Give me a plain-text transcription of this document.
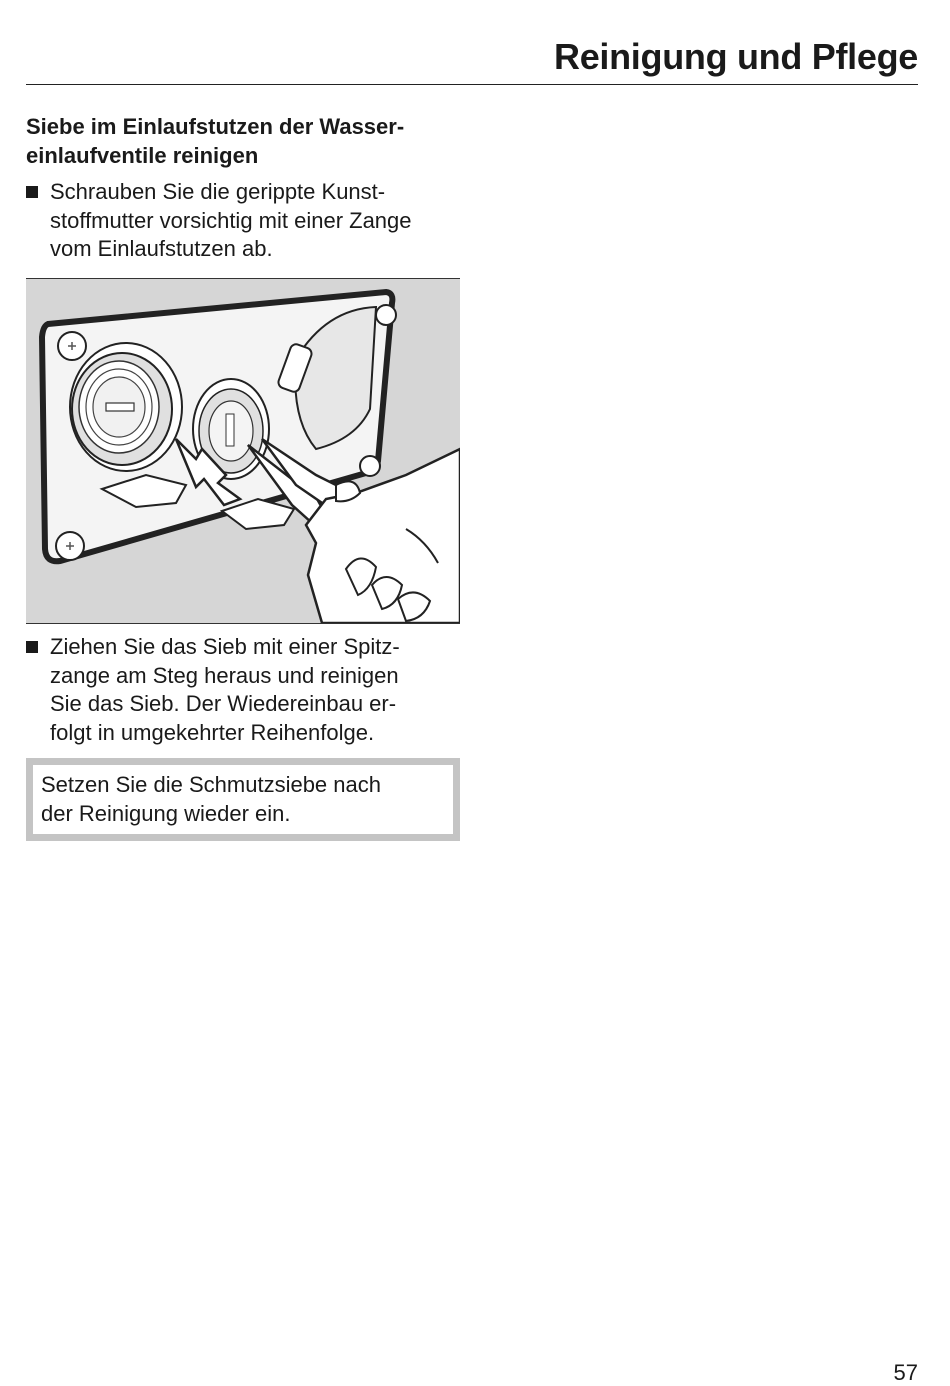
Reinigung und Pflege
Siebe im Einlaufstutzen der Wasser-
einlaufventile reinigen
Schrauben Sie die gerippte Kunst-
stoffmutter vorsichtig mit einer Zange
vom Einlaufstutzen ab.
Ziehen Sie das Sieb mit einer Spitz-
zange am Steg heraus und reinigen
Sie das Sieb. Der Wiedereinbau er-
folgt in umgekehrter Reihenfolge.
Setzen Sie die Schmutzsiebe nach
der Reinigung wieder ein.
57
